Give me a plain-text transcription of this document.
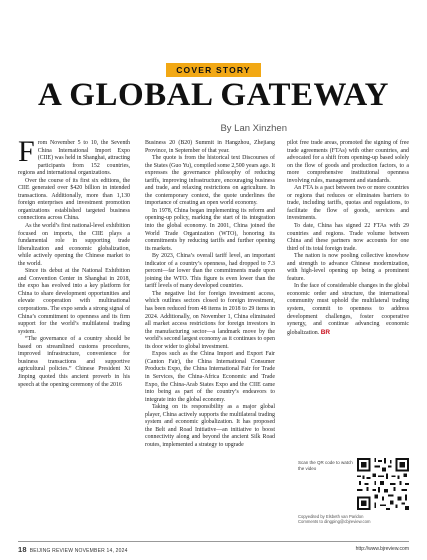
COVER STORY
A GLOBAL GATEWAY
By Lan Xinzhen
F rom November 5 to 10, the Seventh China International Import Expo (CIIE) was held in Shanghai, attracting participants from 152 countries, regions and international organizations.

Over the course of its first six editions, the CIIE generated over $420 billion in intended transactions. Additionally, more than 1,130 foreign enterprises and investment promotion organizations established targeted business connections across China.

As the world’s first national-level exhibition focused on imports, the CIIE plays a fundamental role in supporting trade liberalization and economic globalization, while actively opening the Chinese market to the world.

Since its debut at the National Exhibition and Convention Center in Shanghai in 2018, the expo has evolved into a key platform for China to share development opportunities and elevate cooperation with multinational corporations. The expo sends a strong signal of China’s commitment to openness and its firm support for the world’s multilateral trading system.

“The governance of a country should be based on streamlined customs procedures, improved infrastructure, convenience for business transactions and supportive agricultural policies.” Chinese President Xi Jinping quoted this ancient proverb in his speech at the opening ceremony of the 2016

Business 20 (B20) Summit in Hangzhou, Zhejiang Province, in September of that year.

The quote is from the historical text Discourses of the States (Guo Yu), compiled some 2,500 years ago. It expresses the governance philosophy of reducing tariffs, improving infrastructure, encouraging business and trade, and relaxing restrictions on agriculture. In the contemporary context, the quote underlines the importance of creating an open world economy.

In 1978, China began implementing its reform and opening-up policy, marking the start of its integration into the global economy. In 2001, China joined the World Trade Organization (WTO), honoring its commitments by reducing tariffs and further opening its markets.

By 2023, China’s overall tariff level, an important indicator of a country’s openness, had dropped to 7.3 percent—far lower than the commitments made upon joining the WTO. This figure is even lower than the tariff levels of many developed countries.

The negative list for foreign investment access, which outlines sectors closed to foreign investment, has been reduced from 48 items in 2018 to 29 items in 2024. Additionally, on November 1, China eliminated all market access restrictions for foreign investors in the manufacturing sector—a landmark move by the world’s second largest economy as it continues to open its door wider to global investment.

Expos such as the China Import and Export Fair (Canton Fair), the China International Consumer Products Expo, the China International Fair for Trade in Services, the China-Africa Economic and Trade Expo, the China-Arab States Expo and the CIIE came into being as part of the country’s endeavors to integrate into the global economy.

Taking on its responsibility as a major global player, China actively supports the multilateral trading system and economic globalization. It has proposed the Belt and Road Initiative—an initiative to boost connectivity along and beyond the ancient Silk Road routes, implemented a strategy to upgrade

pilot free trade areas, promoted the signing of free trade agreements (FTAs) with other countries, and advocated for a shift from opening-up based solely on the flow of goods and production factors, to a more comprehensive institutional openness involving rules, management and standards.

An FTA is a pact between two or more countries or regions that reduces or eliminates barriers to trade, including tariffs, quotas and regulations, to facilitate the flow of goods, services and investments.

To date, China has signed 22 FTAs with 29 countries and regions. Trade volume between China and these partners now accounts for one third of its total foreign trade.

The nation is now pooling collective knowhow and strength to advance Chinese modernization, with high-level opening up being a prominent feature.

In the face of considerable changes in the global economic order and structure, the international community must uphold the multilateral trading system, commit to openness to address development challenges, foster cooperative synergy, and continue advancing economic globalization. BR

Scan the QR code to watch the video
Copyedited by Elsbeth van Paridon
Comments to dingping@cbjreview.com
18 BEIJING REVIEW NOVEMBER 14, 2024	http://www.bjreview.com
